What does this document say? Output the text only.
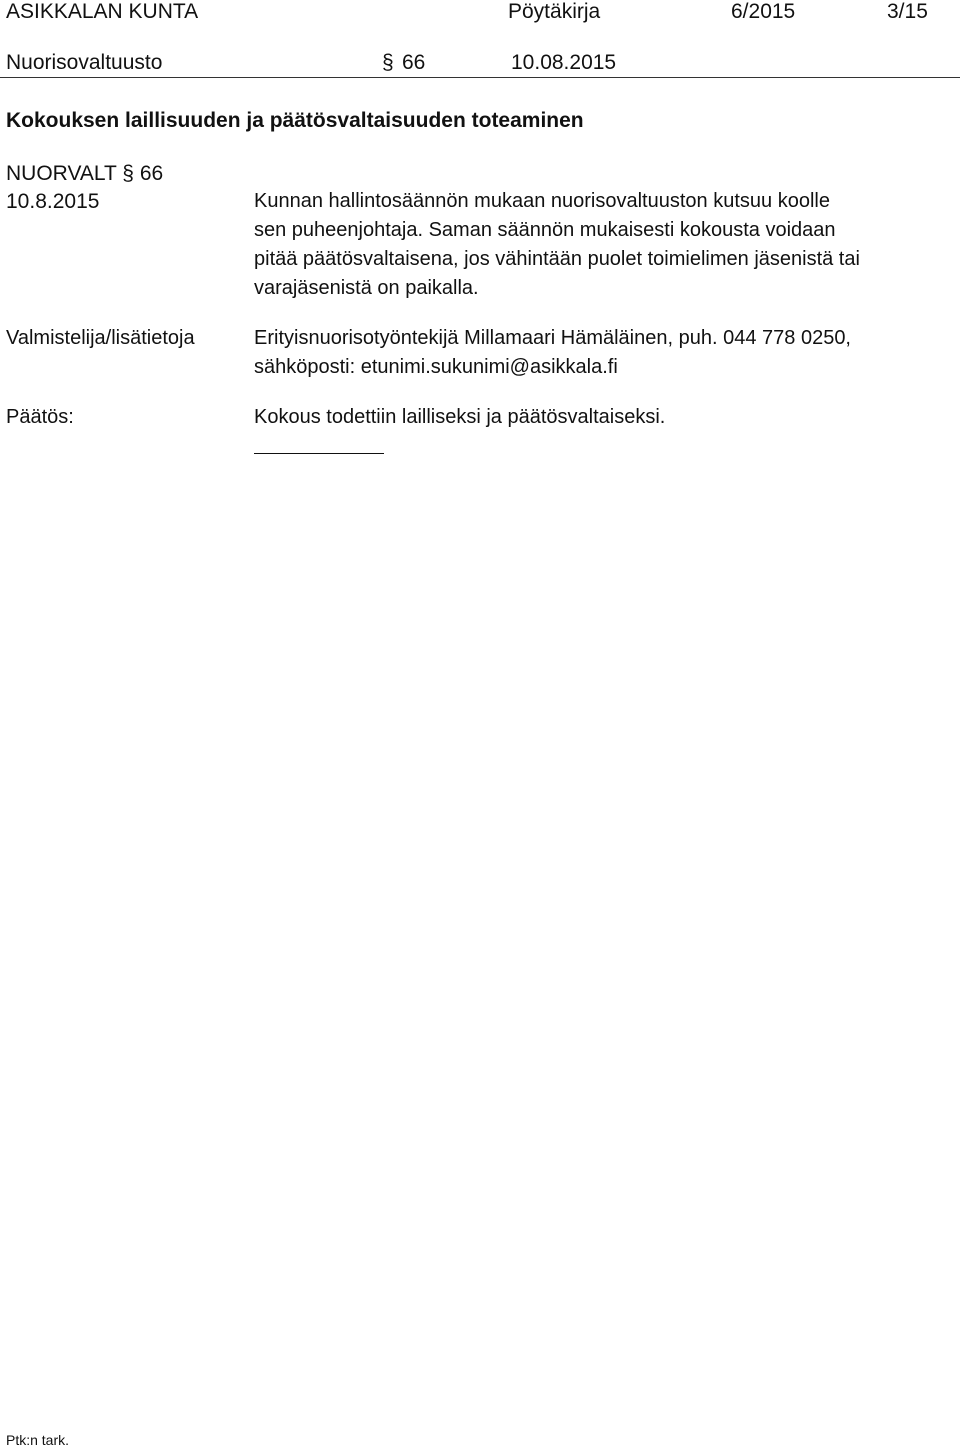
ASIKKALAN KUNTA	Pöytäkirja	6/2015	3/15
Nuorisovaltuusto	§ 66	10.08.2015
Kokouksen laillisuuden ja päätösvaltaisuuden toteaminen
NUORVALT § 66
10.8.2015	Kunnan hallintosäännön mukaan nuorisovaltuuston kutsuu koolle
sen puheenjohtaja. Saman säännön mukaisesti kokousta voidaan
pitää päätösvaltaisena, jos vähintään puolet toimielimen jäsenistä tai
varajäsenistä on paikalla.
Valmistelija/lisätietoja	Erityisnuorisotyöntekijä Millamaari Hämäläinen, puh. 044 778 0250,
sähköposti: etunimi.sukunimi@asikkala.fi
Päätös:	Kokous todettiin lailliseksi ja päätösvaltaiseksi.
Ptk:n tark.
